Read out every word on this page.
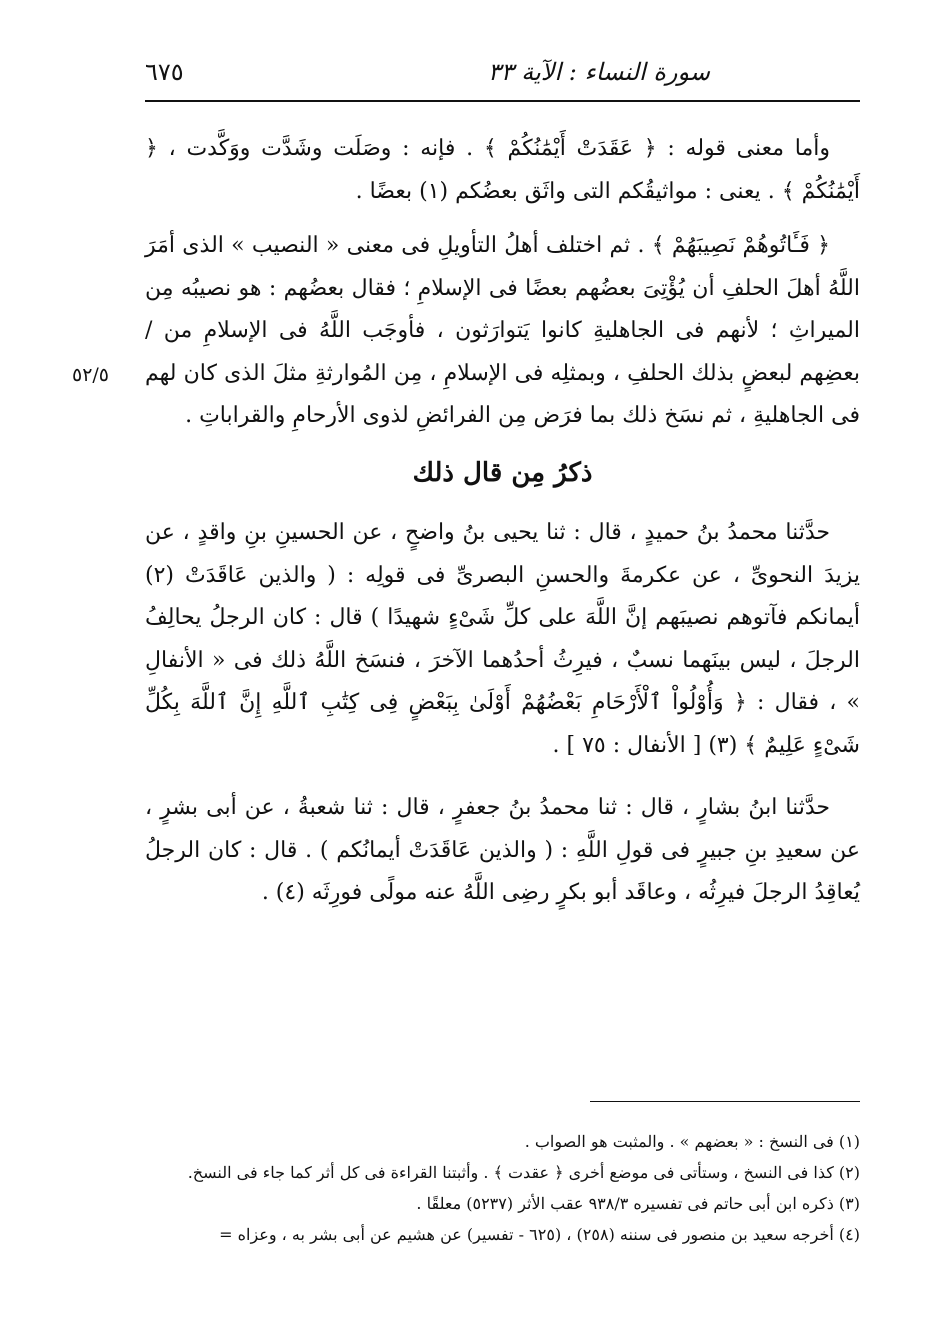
سورة النساء : الآية ٣٣
٦٧٥
٥٢/٥

وأما معنى قوله : ﴿ عَقَدَتْ أَيْمَٰنُكُمْ ﴾ . فإنه : وصَلَت وشَدَّت ووَكَّدت ، ﴿ أَيْمَٰنُكُمْ ﴾ . يعنى : مواثيقُكم التى واثَق بعضُكم (١) بعضًا .

﴿ فَـَٔاتُوهُمْ نَصِيبَهُمْ ﴾ . ثم اختلف أهلُ التأويلِ فى معنى « النصيب » الذى أمَرَ اللَّهُ أهلَ الحلفِ أن يُؤْتِىَ بعضُهم بعضًا فى الإسلامِ ؛ فقال بعضُهم : هو نصيبُه مِن الميراثِ ؛ لأنهم فى الجاهليةِ كانوا يَتوارَثون ، فأوجَب اللَّهُ فى الإسلامِ من / بعضِهم لبعضٍ بذلك الحلفِ ، وبمثلِه فى الإسلامِ ، مِن المُوارثةِ مثلَ الذى كان لهم فى الجاهليةِ ، ثم نسَخ ذلك بما فرَض مِن الفرائضِ لذوى الأرحامِ والقراباتِ .

ذكرُ مِن قال ذلك

حدَّثنا محمدُ بنُ حميدٍ ، قال : ثنا يحيى بنُ واضحٍ ، عن الحسينِ بنِ واقدٍ ، عن يزيدَ النحوىِّ ، عن عكرمةَ والحسنِ البصرىِّ فى قولِه : ( والذين عَاقَدَتْ (٢) أيمانكم فآتوهم نصيبَهم إنَّ اللَّهَ على كلِّ شَىْءٍ شهيدًا ) قال : كان الرجلُ يحالِفُ الرجلَ ، ليس بينَهما نسبٌ ، فيرِثُ أحدُهما الآخرَ ، فنسَخ اللَّهُ ذلك فى « الأنفالِ » ، فقال : ﴿ وَأُوْلُواْ ٱلْأَرْحَامِ بَعْضُهُمْ أَوْلَىٰ بِبَعْضٍ فِى كِتَٰبِ ٱللَّهِ إِنَّ ٱللَّهَ بِكُلِّ شَىْءٍ عَلِيمٌ ﴾ (٣) [ الأنفال : ٧٥ ] .

حدَّثنا ابنُ بشارٍ ، قال : ثنا محمدُ بنُ جعفرٍ ، قال : ثنا شعبةُ ، عن أبى بشرٍ ، عن سعيدِ بنِ جبيرٍ فى قولِ اللَّهِ : ( والذين عَاقَدَتْ أيمانُكم ) . قال : كان الرجلُ يُعاقِدُ الرجلَ فيرِثُه ، وعاقَد أبو بكرٍ رضِى اللَّهُ عنه مولًى فورِثَه (٤) .

(١) فى النسخ : « بعضهم » . والمثبت هو الصواب .

(٢) كذا فى النسخ ، وستأتى فى موضع أخرى ﴿ عقدت ﴾ . وأثبتنا القراءة فى كل أثر كما جاء فى النسخ.

(٣) ذكره ابن أبى حاتم فى تفسيره ٩٣٨/٣ عقب الأثر (٥٢٣٧) معلقًا .

(٤) أخرجه سعيد بن منصور فى سننه (٢٥٨) ، (٦٢٥ - تفسير) عن هشيم عن أبى بشر به ، وعزاه =
